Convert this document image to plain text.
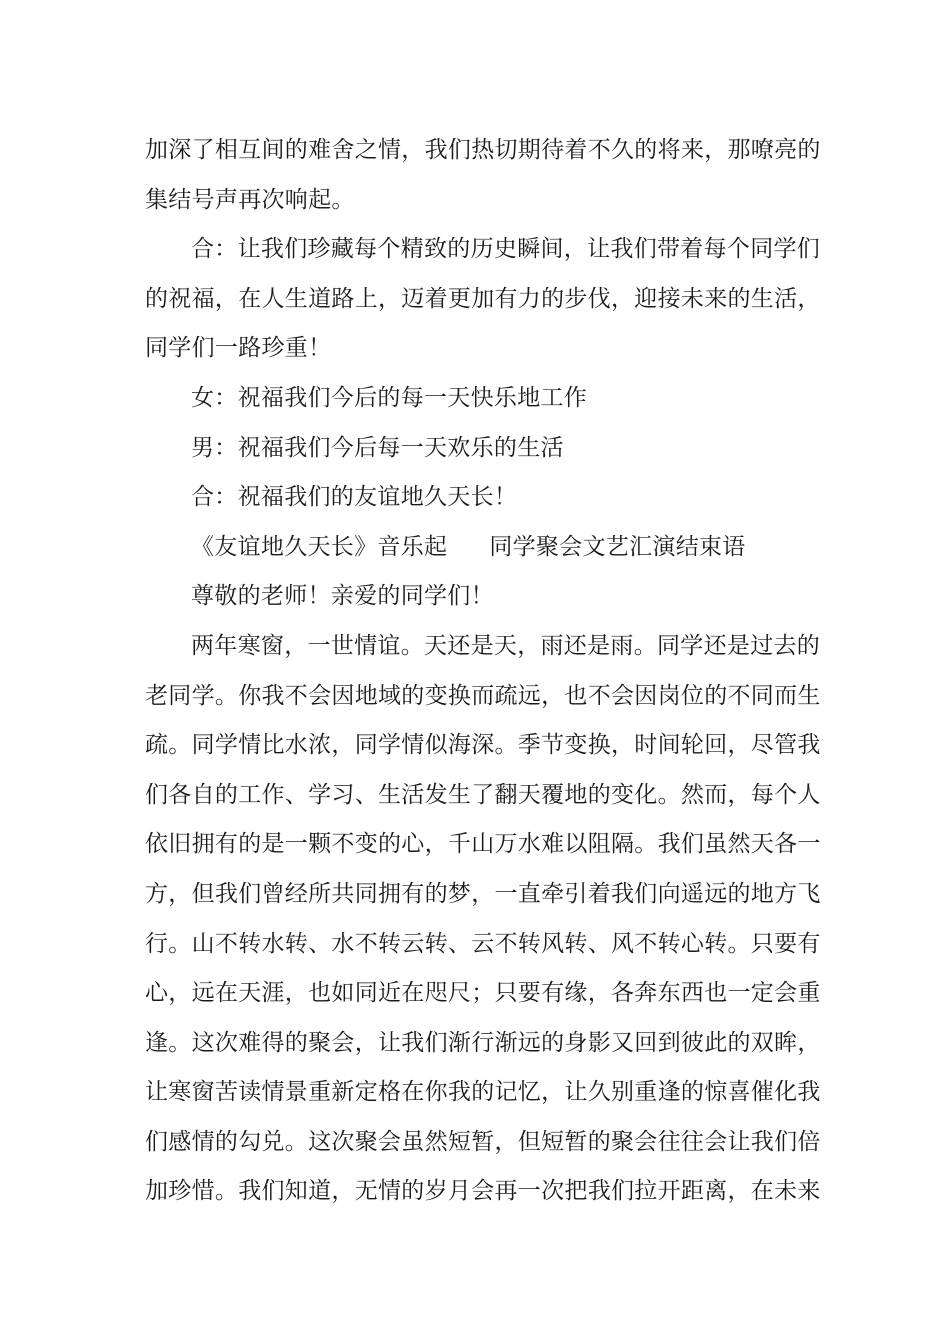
加深了相互间的难舍之情，我们热切期待着不久的将来，那嘹亮的
集结号声再次响起。
合：让我们珍藏每个精致的历史瞬间，让我们带着每个同学们
的祝福，在人生道路上，迈着更加有力的步伐，迎接未来的生活，
同学们一路珍重！
女：祝福我们今后的每一天快乐地工作
男：祝福我们今后每一天欢乐的生活
合：祝福我们的友谊地久天长！
《友谊地久天长》音乐起 同学聚会文艺汇演结束语
尊敬的老师！亲爱的同学们！
两年寒窗，一世情谊。天还是天，雨还是雨。同学还是过去的
老同学。你我不会因地域的变换而疏远，也不会因岗位的不同而生
疏。同学情比水浓，同学情似海深。季节变换，时间轮回，尽管我
们各自的工作、学习、生活发生了翻天覆地的变化。然而，每个人
依旧拥有的是一颗不变的心，千山万水难以阻隔。我们虽然天各一
方，但我们曾经所共同拥有的梦，一直牵引着我们向遥远的地方飞
行。山不转水转、水不转云转、云不转风转、风不转心转。只要有
心，远在天涯，也如同近在咫尺；只要有缘，各奔东西也一定会重
逢。这次难得的聚会，让我们渐行渐远的身影又回到彼此的双眸，
让寒窗苦读情景重新定格在你我的记忆，让久别重逢的惊喜催化我
们感情的勾兑。这次聚会虽然短暂，但短暂的聚会往往会让我们倍
加珍惜。我们知道，无情的岁月会再一次把我们拉开距离，在未来
